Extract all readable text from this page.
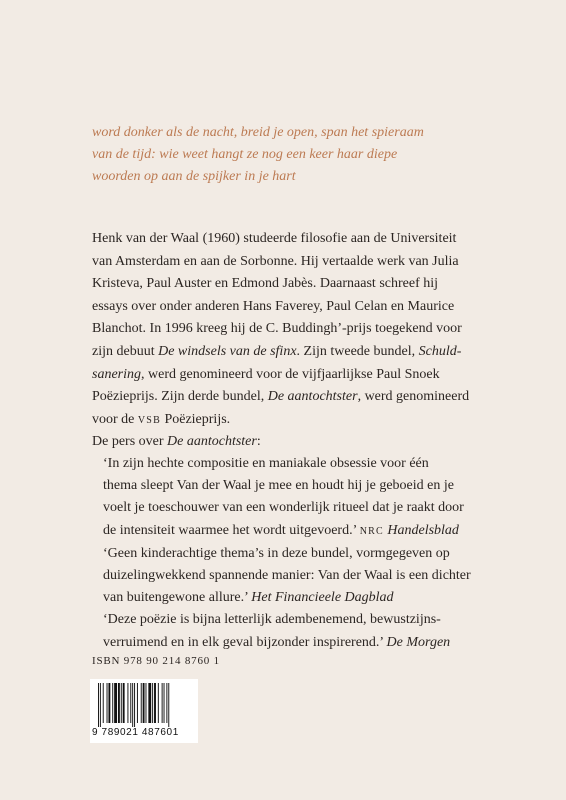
word donker als de nacht, breid je open, span het spieraam
van de tijd: wie weet hangt ze nog een keer haar diepe
woorden op aan de spijker in je hart
Henk van der Waal (1960) studeerde filosofie aan de Universiteit
van Amsterdam en aan de Sorbonne. Hij vertaalde werk van Julia
Kristeva, Paul Auster en Edmond Jabès. Daarnaast schreef hij
essays over onder anderen Hans Faverey, Paul Celan en Maurice
Blanchot. In 1996 kreeg hij de C. Buddingh’-prijs toegekend voor
zijn debuut De windsels van de sfinx. Zijn tweede bundel, Schuld-
sanering, werd genomineerd voor de vijfjaarlijkse Paul Snoek
Poëzieprijs. Zijn derde bundel, De aantochtster, werd genomineerd
voor de VSB Poëzieprijs.
De pers over De aantochtster:
‘In zijn hechte compositie en maniakale obsessie voor één
thema sleept Van der Waal je mee en houdt hij je geboeid en je
voelt je toeschouwer van een wonderlijk ritueel dat je raakt door
de intensiteit waarmee het wordt uitgevoerd.’ NRC Handelsblad
‘Geen kinderachtige thema’s in deze bundel, vormgegeven op
duizelingwekkend spannende manier: Van der Waal is een dichter
van buitengewone allure.’ Het Financieele Dagblad
‘Deze poëzie is bijna letterlijk adembenemend, bewustzijns-
verruimend en in elk geval bijzonder inspirerend.’ De Morgen
ISBN 978 90 214 8760 1
9 789021 487601
